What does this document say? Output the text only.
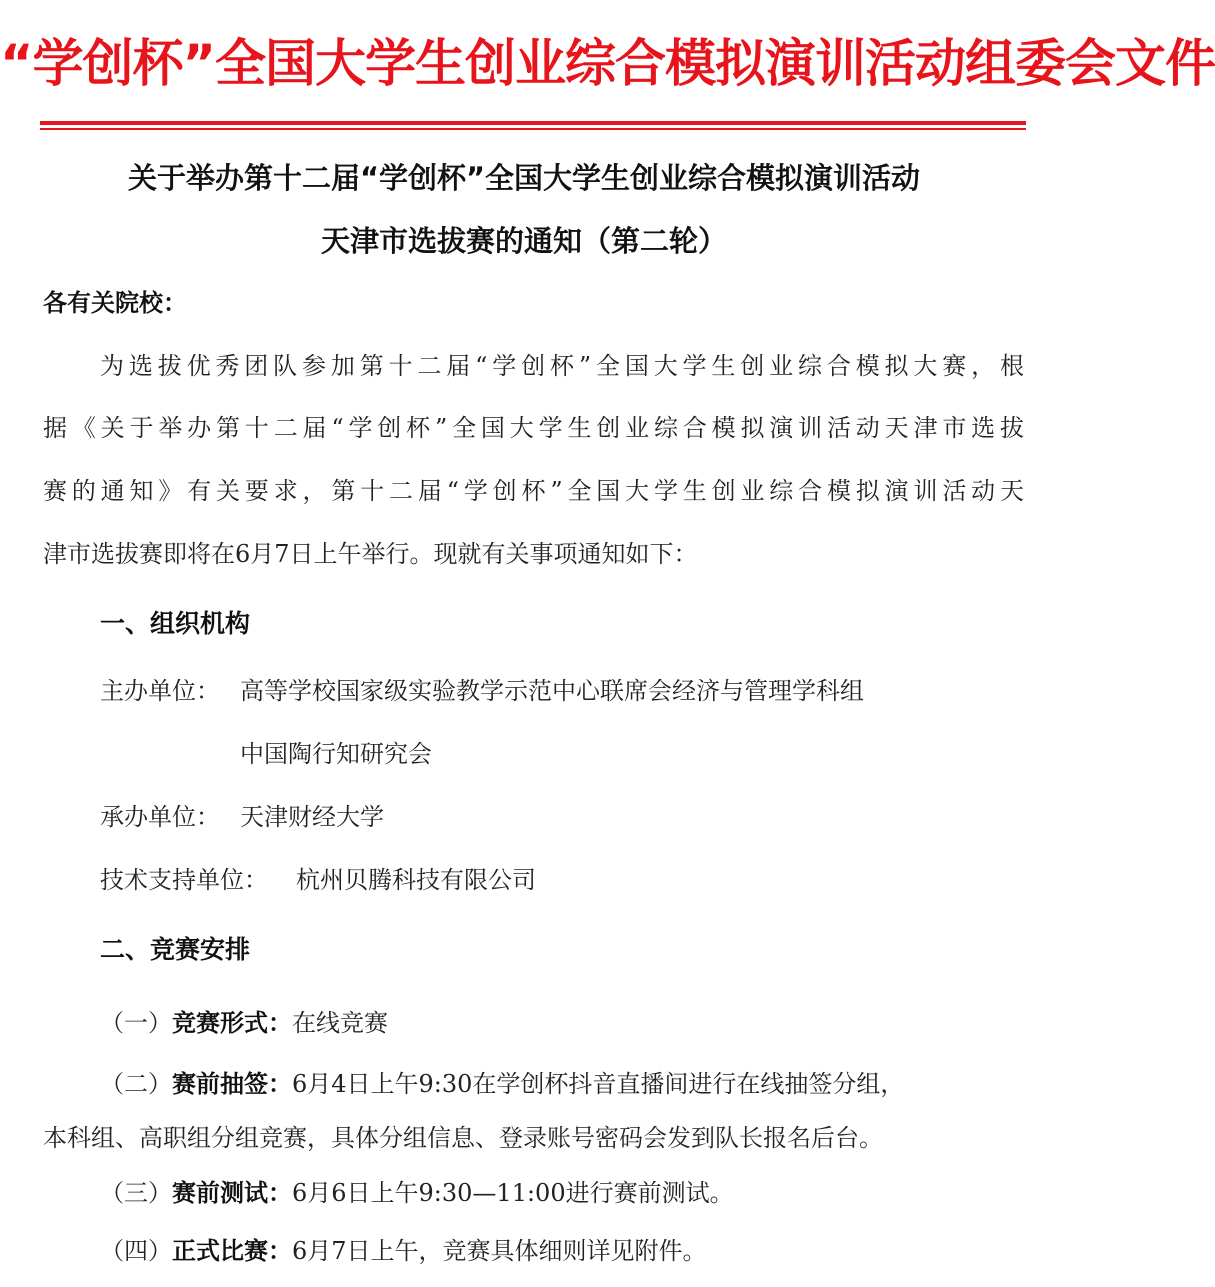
“学创杯”全国大学生创业综合模拟演训活动组委会文件
关于举办第十二届“学创杯”全国大学生创业综合模拟演训活动
天津市选拔赛的通知（第二轮）
各有关院校：
为选拔优秀团队参加第十二届“学创杯”全国大学生创业综合模拟大赛，根
据《关于举办第十二届“学创杯”全国大学生创业综合模拟演训活动天津市选拔
赛的通知》有关要求，第十二届“学创杯”全国大学生创业综合模拟演训活动天
津市选拔赛即将在6月7日上午举行。现就有关事项通知如下：
一、组织机构
主办单位： 高等学校国家级实验教学示范中心联席会经济与管理学科组
中国陶行知研究会
承办单位： 天津财经大学
技术支持单位： 杭州贝腾科技有限公司
二、竞赛安排
（一）竞赛形式：在线竞赛
（二）赛前抽签：6月4日上午9:30在学创杯抖音直播间进行在线抽签分组，
本科组、高职组分组竞赛，具体分组信息、登录账号密码会发到队长报名后台。
（三）赛前测试：6月6日上午9:30—11:00进行赛前测试。
（四）正式比赛：6月7日上午，竞赛具体细则详见附件。
